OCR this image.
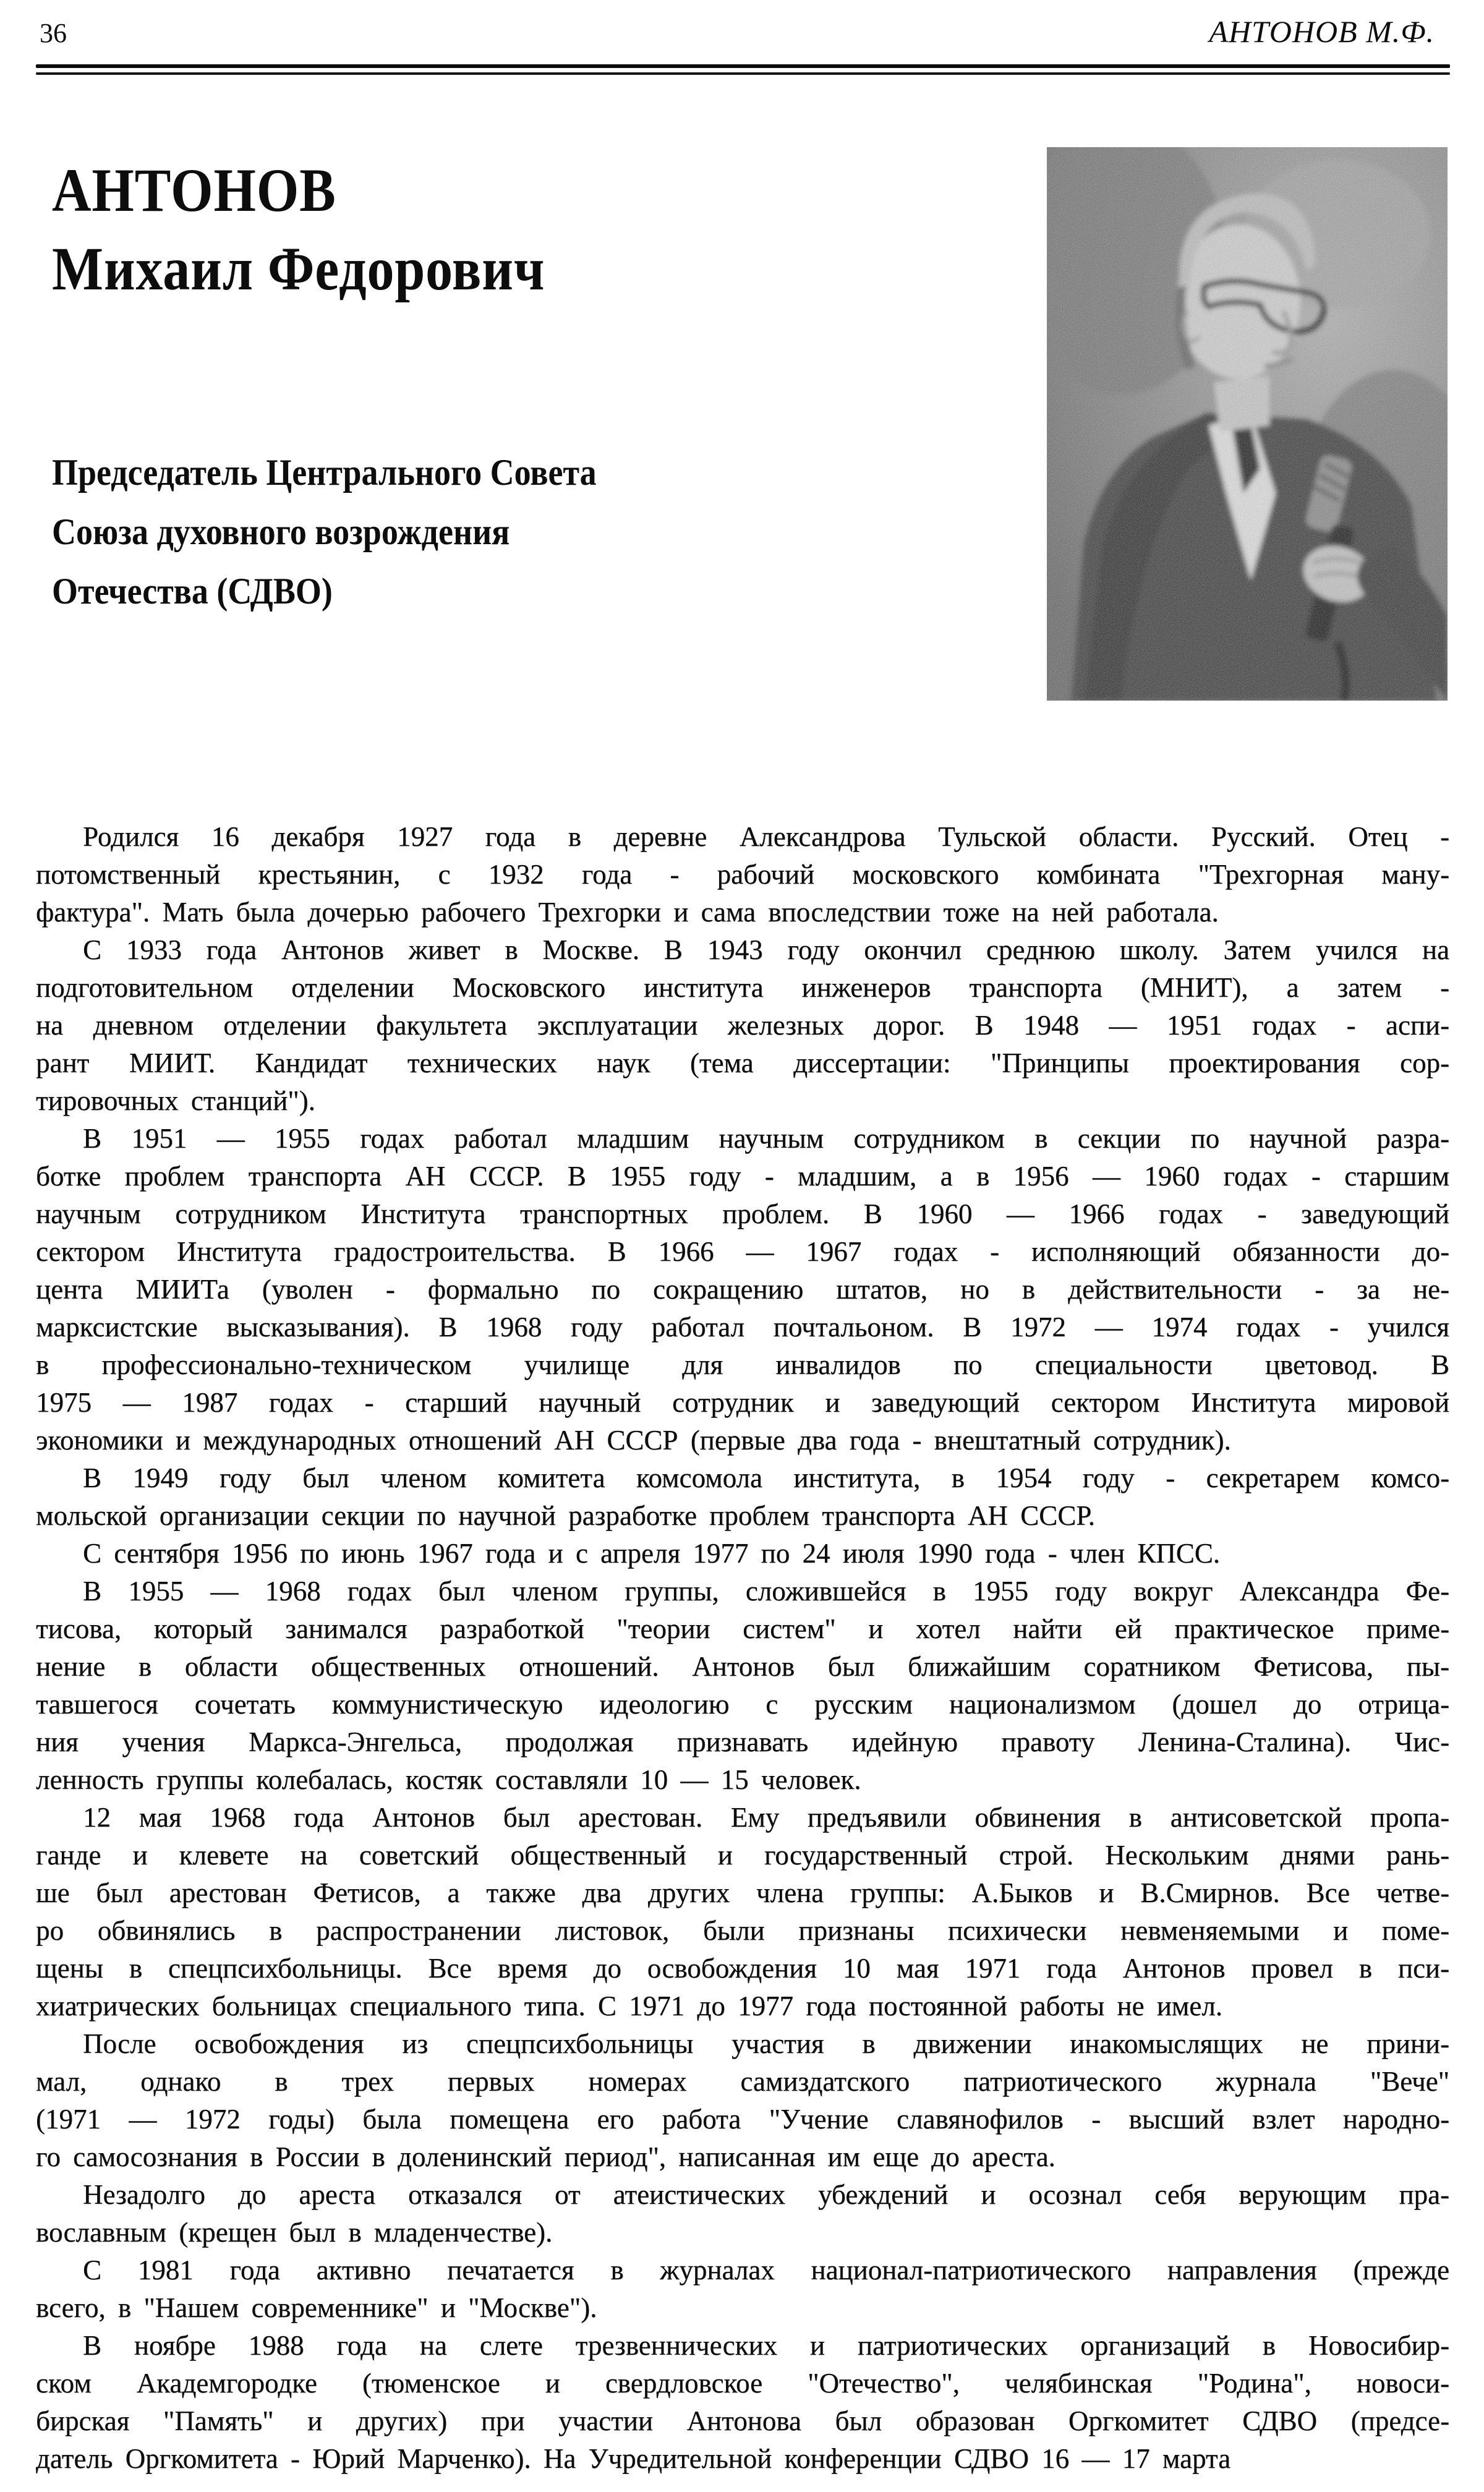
36	АНТОНОВ М.Ф.
АНТОНОВ
Михаил Федорович
Председатель Центрального Совета
Союза духовного возрождения
Отечества (СДВО)
Родился 16 декабря 1927 года в деревне Александрова Тульской области. Русский. Отец -
потомственный крестьянин, с 1932 года - рабочий московского комбината "Трехгорная ману-
фактура". Мать была дочерью рабочего Трехгорки и сама впоследствии тоже на ней работала.
С 1933 года Антонов живет в Москве. В 1943 году окончил среднюю школу. Затем учился на
подготовительном отделении Московского института инженеров транспорта (МНИТ), а затем -
на дневном отделении факультета эксплуатации железных дорог. В 1948 — 1951 годах - аспи-
рант МИИТ. Кандидат технических наук (тема диссертации: "Принципы проектирования сор-
тировочных станций").
В 1951 — 1955 годах работал младшим научным сотрудником в секции по научной разра-
ботке проблем транспорта АН СССР. В 1955 году - младшим, а в 1956 — 1960 годах - старшим
научным сотрудником Института транспортных проблем. В 1960 — 1966 годах - заведующий
сектором Института градостроительства. В 1966 — 1967 годах - исполняющий обязанности до-
цента МИИТа (уволен - формально по сокращению штатов, но в действительности - за не-
марксистские высказывания). В 1968 году работал почтальоном. В 1972 — 1974 годах - учился
в профессионально-техническом училище для инвалидов по специальности цветовод. В
1975 — 1987 годах - старший научный сотрудник и заведующий сектором Института мировой
экономики и международных отношений АН СССР (первые два года - внештатный сотрудник).
В 1949 году был членом комитета комсомола института, в 1954 году - секретарем комсо-
мольской организации секции по научной разработке проблем транспорта АН СССР.
С сентября 1956 по июнь 1967 года и с апреля 1977 по 24 июля 1990 года - член КПСС.
В 1955 — 1968 годах был членом группы, сложившейся в 1955 году вокруг Александра Фе-
тисова, который занимался разработкой "теории систем" и хотел найти ей практическое приме-
нение в области общественных отношений. Антонов был ближайшим соратником Фетисова, пы-
тавшегося сочетать коммунистическую идеологию с русским национализмом (дошел до отрица-
ния учения Маркса-Энгельса, продолжая признавать идейную правоту Ленина-Сталина). Чис-
ленность группы колебалась, костяк составляли 10 — 15 человек.
12 мая 1968 года Антонов был арестован. Ему предъявили обвинения в антисоветской пропа-
ганде и клевете на советский общественный и государственный строй. Нескольким днями рань-
ше был арестован Фетисов, а также два других члена группы: А.Быков и В.Смирнов. Все четве-
ро обвинялись в распространении листовок, были признаны психически невменяемыми и поме-
щены в спецпсихбольницы. Все время до освобождения 10 мая 1971 года Антонов провел в пси-
хиатрических больницах специального типа. С 1971 до 1977 года постоянной работы не имел.
После освобождения из спецпсихбольницы участия в движении инакомыслящих не прини-
мал, однако в трех первых номерах самиздатского патриотического журнала "Вече"
(1971 — 1972 годы) была помещена его работа "Учение славянофилов - высший взлет народно-
го самосознания в России в доленинский период", написанная им еще до ареста.
Незадолго до ареста отказался от атеистических убеждений и осознал себя верующим пра-
вославным (крещен был в младенчестве).
С 1981 года активно печатается в журналах национал-патриотического направления (прежде
всего, в "Нашем современнике" и "Москве").
В ноябре 1988 года на слете трезвеннических и патриотических организаций в Новосибир-
ском Академгородке (тюменское и свердловское "Отечество", челябинская "Родина", новоси-
бирская "Память" и других) при участии Антонова был образован Оргкомитет СДВО (предсе-
датель Оргкомитета - Юрий Марченко). На Учредительной конференции СДВО 16 — 17 марта
